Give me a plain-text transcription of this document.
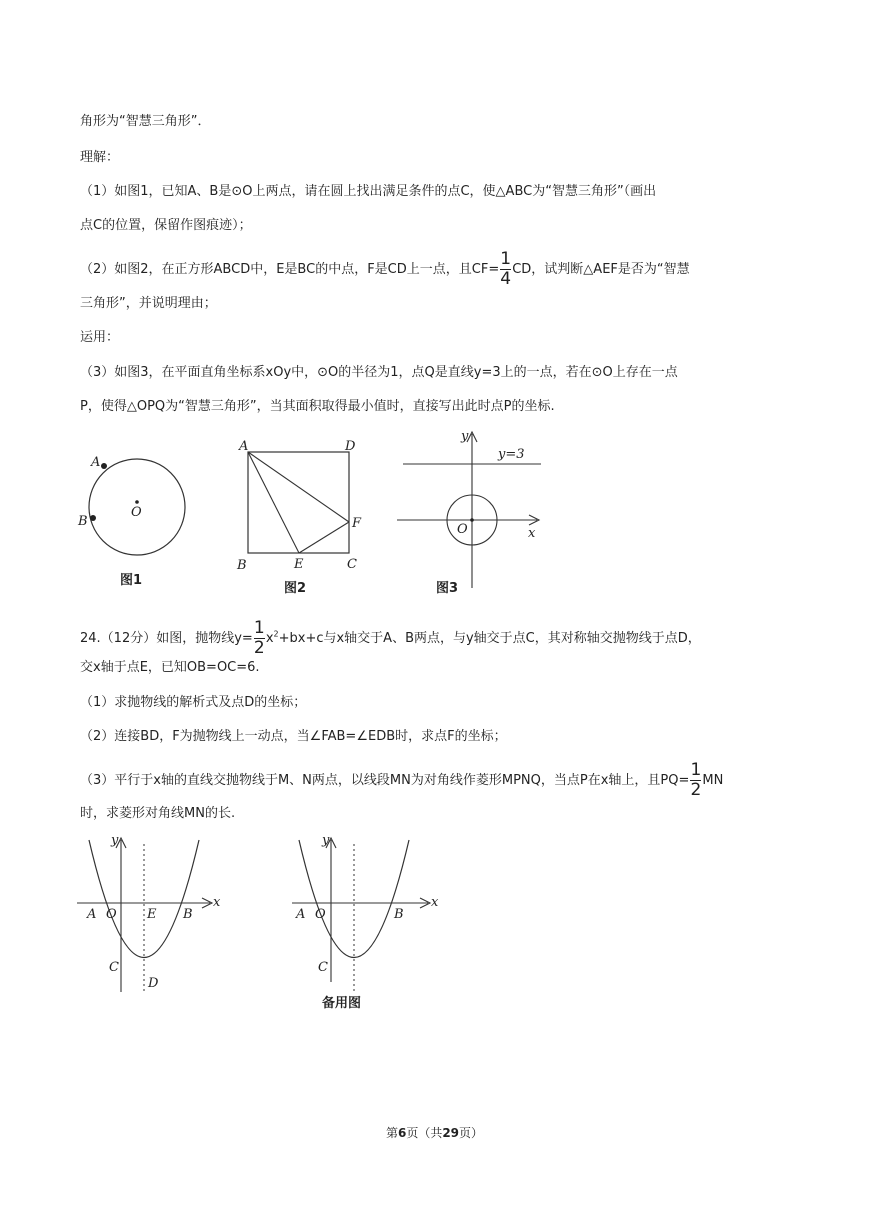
角形为“智慧三角形”．
理解：
（1）如图1，已知A、B是⊙O上两点，请在圆上找出满足条件的点C，使△ABC为“智慧三角形”（画出
点C的位置，保留作图痕迹）；
（2）如图2，在正方形ABCD中，E是BC的中点，F是CD上一点，且$CF= \frac{1}{4}$ CD，试判断△AEF是否为“智慧
三角形”，并说明理由；
运用：
（3）如图3，在平面直角坐标系xOy中，⊙O的半径为1，点Q是直线y=3上的一点，若在⊙O上存在一点
P，使得△OPQ为“智慧三角形”，当其面积取得最小值时，直接写出此时点P的坐标.
A
B
O
图1
A	D
B	C
E
F
图2
y
x
O
y=3
图3
24.（12分）如图，抛物线$y= \frac{1}{2} x^2+bx+c$与x轴交于A、B两点，与y轴交于点C，其对称轴交抛物线于点D，
交x轴于点E，已知OB=OC=6.
（1）求抛物线的解析式及点D的坐标；
（2）连接BD，F为抛物线上一动点，当∠FAB=∠EDB时，求点F的坐标；
（3）平行于x轴的直线交抛物线于M、N两点，以线段MN为对角线作菱形MPNQ，当点P在x轴上，且$PQ= \frac{1}{2}$ MN
时，求菱形对角线MN的长.
y
x
A O E B
C
D
y
x
A O	B
C
备用图
第6页（共29页）
